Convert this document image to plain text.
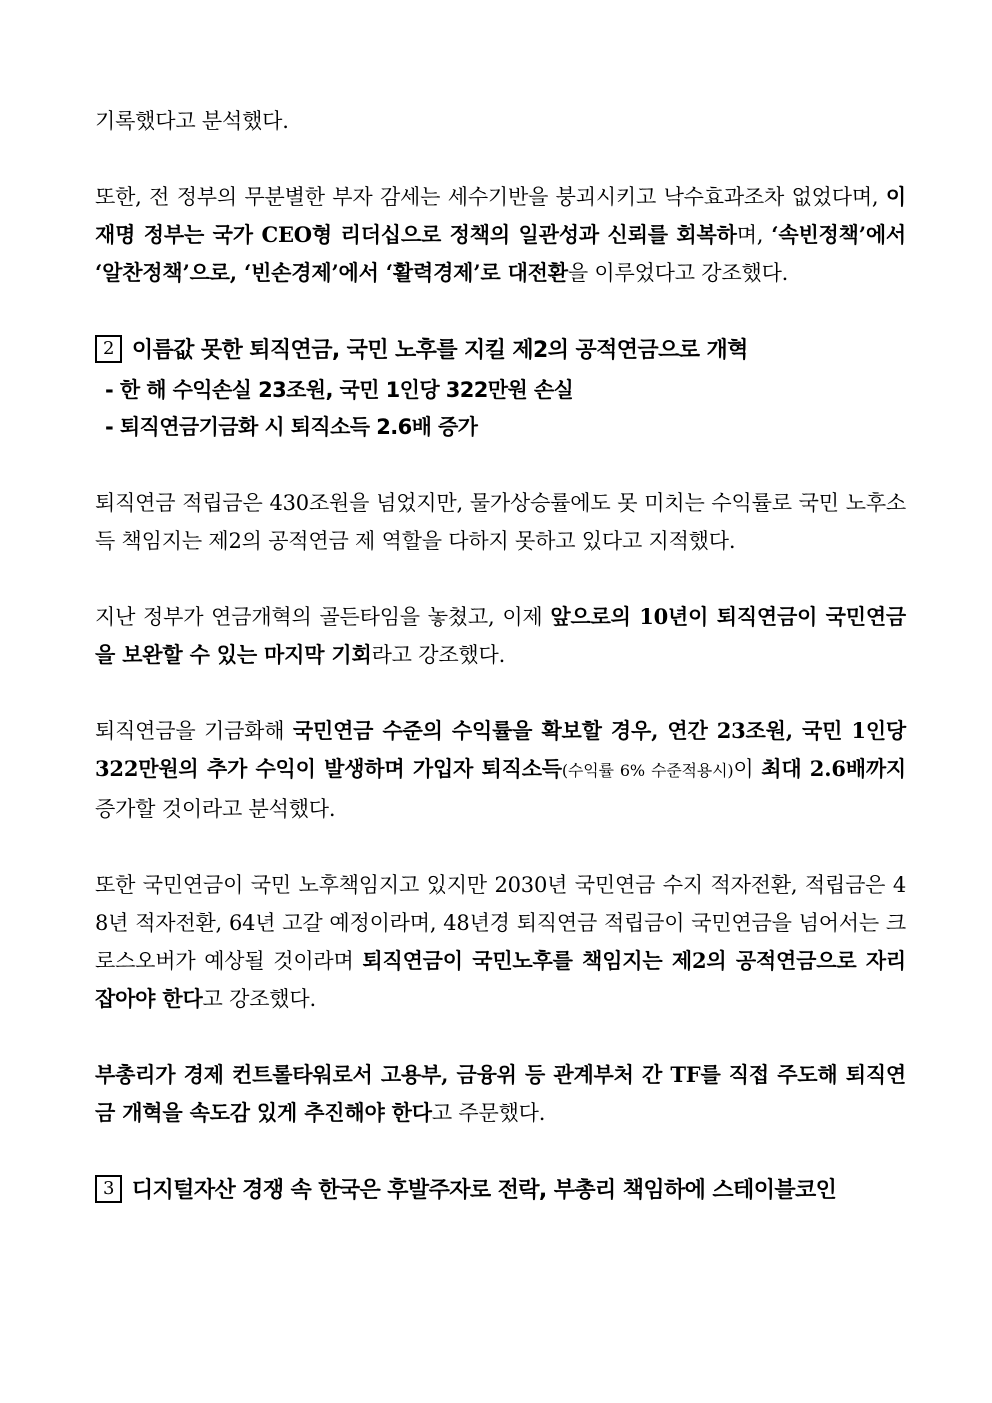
기록했다고 분석했다.

또한, 전 정부의 무분별한 부자 감세는 세수기반을 붕괴시키고 낙수효과조차 없었다며, 이재명 정부는 국가 CEO형 리더십으로 정책의 일관성과 신뢰를 회복하며, ‘속빈정책’에서 ‘알찬정책’으로, ‘빈손경제’에서 ‘활력경제’로 대전환을 이루었다고 강조했다.

2 이름값 못한 퇴직연금, 국민 노후를 지킬 제2의 공적연금으로 개혁
- 한 해 수익손실 23조원, 국민 1인당 322만원 손실
- 퇴직연금기금화 시 퇴직소득 2.6배 증가

퇴직연금 적립금은 430조원을 넘었지만, 물가상승률에도 못 미치는 수익률로 국민 노후소득 책임지는 제2의 공적연금 제 역할을 다하지 못하고 있다고 지적했다.

지난 정부가 연금개혁의 골든타임을 놓쳤고, 이제 앞으로의 10년이 퇴직연금이 국민연금을 보완할 수 있는 마지막 기회라고 강조했다.

퇴직연금을 기금화해 국민연금 수준의 수익률을 확보할 경우, 연간 23조원, 국민 1인당 322만원의 추가 수익이 발생하며 가입자 퇴직소득(수익률 6% 수준적용시)이 최대 2.6배까지 증가할 것이라고 분석했다.

또한 국민연금이 국민 노후책임지고 있지만 2030년 국민연금 수지 적자전환, 적립금은 48년 적자전환, 64년 고갈 예정이라며, 48년경 퇴직연금 적립금이 국민연금을 넘어서는 크로스오버가 예상될 것이라며 퇴직연금이 국민노후를 책임지는 제2의 공적연금으로 자리 잡아야 한다고 강조했다.

부총리가 경제 컨트롤타워로서 고용부, 금융위 등 관계부처 간 TF를 직접 주도해 퇴직연금 개혁을 속도감 있게 추진해야 한다고 주문했다.

3 디지털자산 경쟁 속 한국은 후발주자로 전락, 부총리 책임하에 스테이블코인
